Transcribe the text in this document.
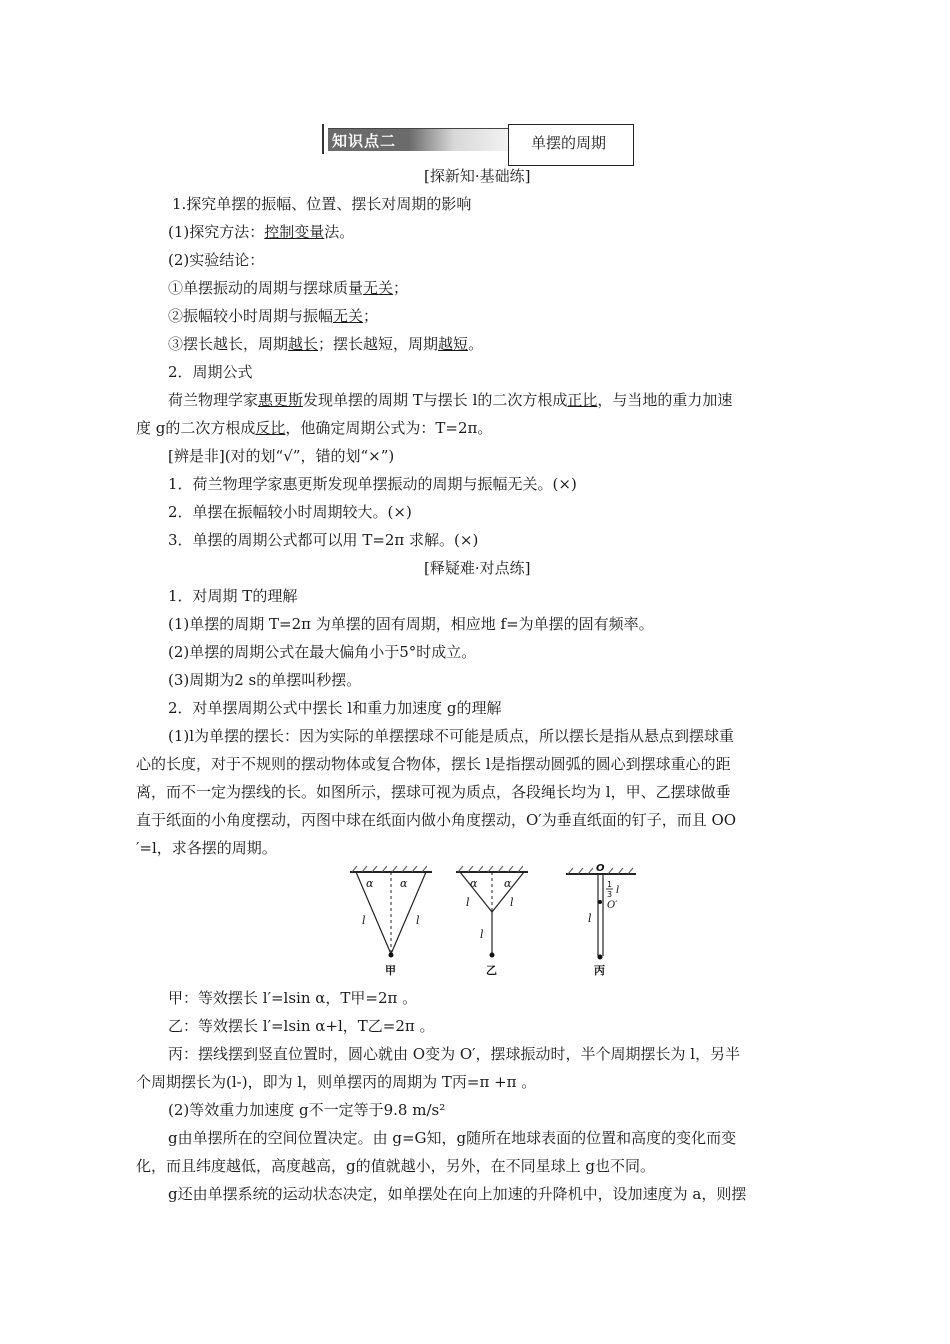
知识点二	单摆的周期
[探新知·基础练]
1.探究单摆的振幅、位置、摆长对周期的影响
(1)探究方法：控制变量法。
(2)实验结论：
①单摆振动的周期与摆球质量无关；
②振幅较小时周期与振幅无关；
③摆长越长，周期越长；摆长越短，周期越短。
2．周期公式
荷兰物理学家惠更斯发现单摆的周期 T与摆长 l的二次方根成正比，与当地的重力加速
度 g的二次方根成反比，他确定周期公式为：T=2π。
[辨是非](对的划“√”，错的划“×”)
1．荷兰物理学家惠更斯发现单摆振动的周期与振幅无关。(×)
2．单摆在振幅较小时周期较大。(×)
3．单摆的周期公式都可以用 T=2π 求解。(×)
[释疑难·对点练]
1．对周期 T的理解
(1)单摆的周期 T=2π 为单摆的固有周期，相应地 f=为单摆的固有频率。
(2)单摆的周期公式在最大偏角小于5°时成立。
(3)周期为2 s的单摆叫秒摆。
2．对单摆周期公式中摆长 l和重力加速度 g的理解
(1)l为单摆的摆长：因为实际的单摆摆球不可能是质点，所以摆长是指从悬点到摆球重
心的长度，对于不规则的摆动物体或复合物体，摆长 l是指摆动圆弧的圆心到摆球重心的距
离，而不一定为摆线的长。如图所示，摆球可视为质点，各段绳长均为 l，甲、乙摆球做垂
直于纸面的小角度摆动，丙图中球在纸面内做小角度摆动，O′为垂直纸面的钉子，而且 OO
′=l，求各摆的周期。
α α
l	l
甲
α α
l	l
l
乙
O
1
3 l
O′
l
丙
甲：等效摆长 l′=lsin α，T甲=2π 。
乙：等效摆长 l′=lsin α+l，T乙=2π 。
丙：摆线摆到竖直位置时，圆心就由 O变为 O′，摆球振动时，半个周期摆长为 l，另半
个周期摆长为(l-)，即为 l，则单摆丙的周期为 T丙=π +π 。
(2)等效重力加速度 g不一定等于9.8 m/s²
g由单摆所在的空间位置决定。由 g=G知，g随所在地球表面的位置和高度的变化而变
化，而且纬度越低，高度越高，g的值就越小，另外，在不同星球上 g也不同。
g还由单摆系统的运动状态决定，如单摆处在向上加速的升降机中，设加速度为 a，则摆
